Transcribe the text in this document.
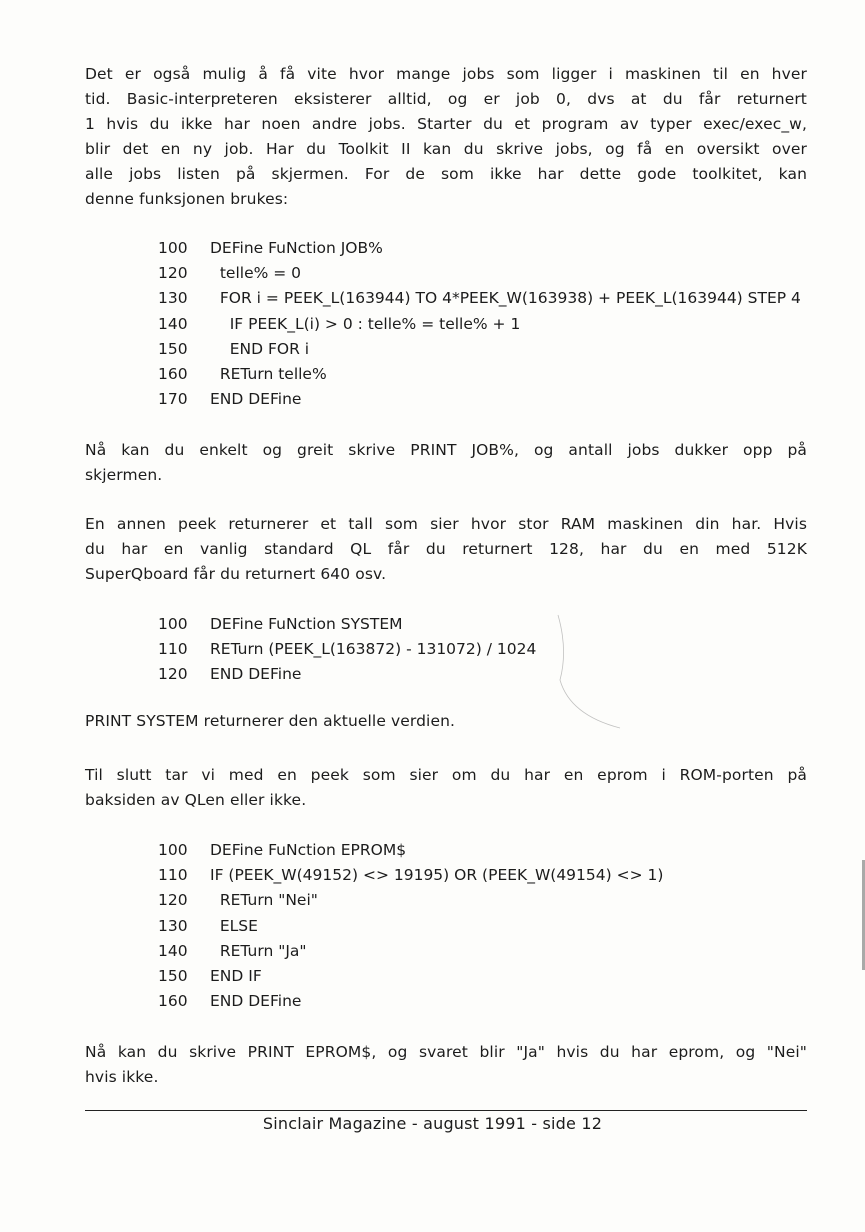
Det er også mulig å få vite hvor mange jobs som ligger i maskinen til en hver
tid. Basic-interpreteren eksisterer alltid, og er job 0, dvs at du får returnert
1 hvis du ikke har noen andre jobs. Starter du et program av typer exec/exec_w,
blir det en ny job. Har du Toolkit II kan du skrive jobs, og få en oversikt over
alle jobs listen på skjermen. For de som ikke har dette gode toolkitet, kan
denne funksjonen brukes:
100	DEFine FuNction JOB%
120	telle% = 0
130	FOR i = PEEK_L(163944) TO 4*PEEK_W(163938) + PEEK_L(163944) STEP 4
140	IF PEEK_L(i) > 0 : telle% = telle% + 1
150	END FOR i
160	RETurn telle%
170	END DEFine
Nå kan du enkelt og greit skrive PRINT JOB%, og antall jobs dukker opp på
skjermen.
En annen peek returnerer et tall som sier hvor stor RAM maskinen din har. Hvis
du har en vanlig standard QL får du returnert 128, har du en med 512K
SuperQboard får du returnert 640 osv.
100	DEFine FuNction SYSTEM
110	RETurn (PEEK_L(163872) - 131072) / 1024
120	END DEFine
PRINT SYSTEM returnerer den aktuelle verdien.
Til slutt tar vi med en peek som sier om du har en eprom i ROM-porten på
baksiden av QLen eller ikke.
100	DEFine FuNction EPROM$
110	IF (PEEK_W(49152) <> 19195) OR (PEEK_W(49154) <> 1)
120	RETurn "Nei"
130	ELSE
140	RETurn "Ja"
150	END IF
160	END DEFine
Nå kan du skrive PRINT EPROM$, og svaret blir "Ja" hvis du har eprom, og "Nei"
hvis ikke.
Sinclair Magazine - august 1991 - side 12
